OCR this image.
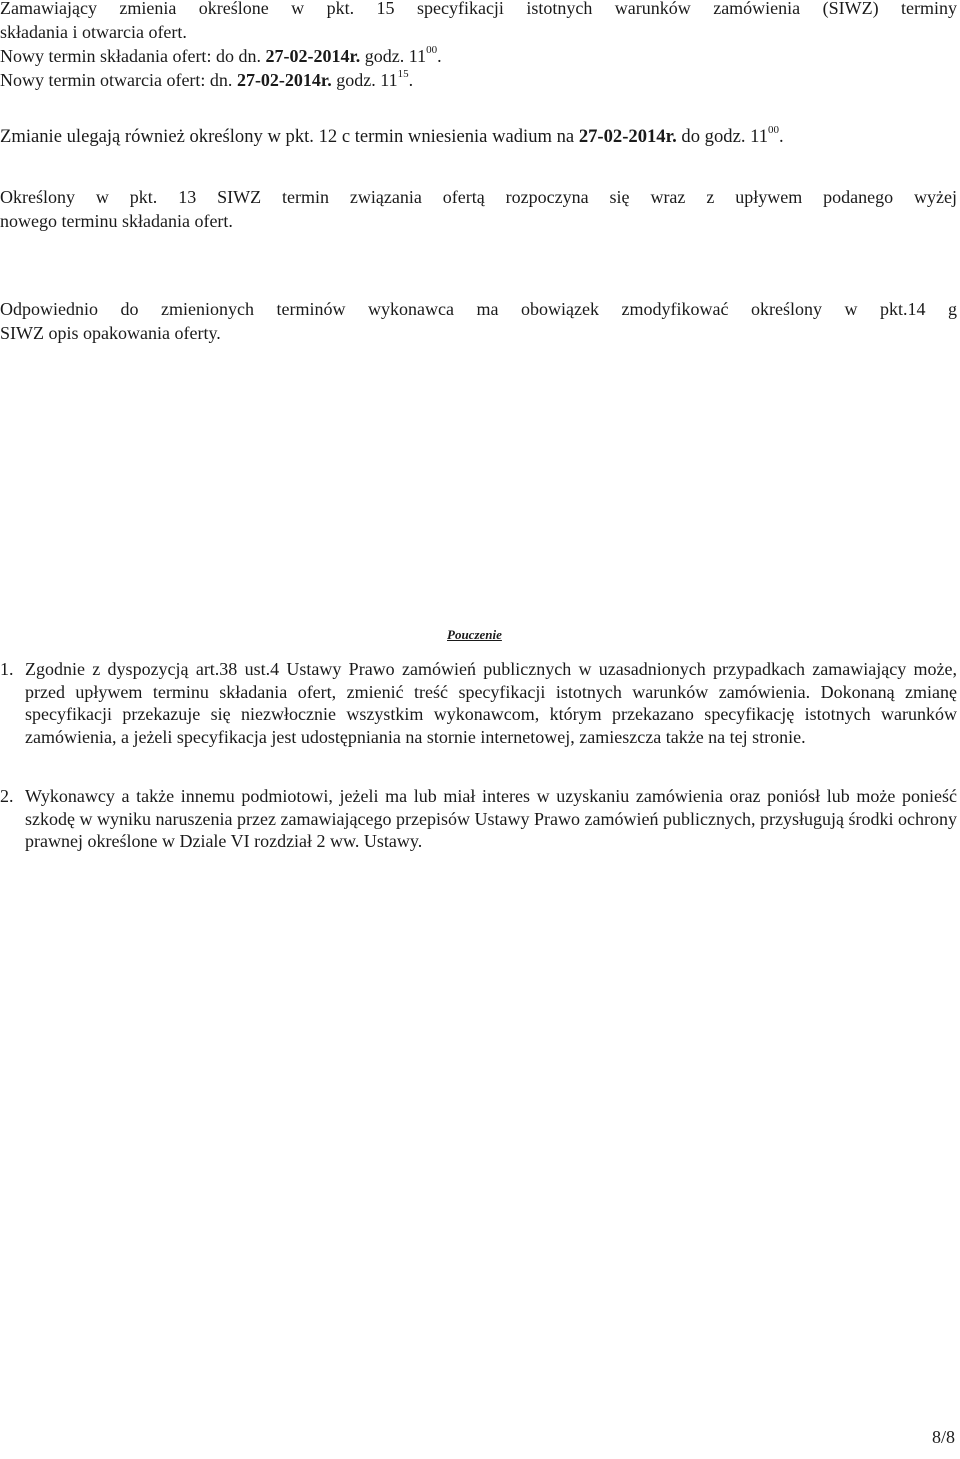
Zamawiający zmienia określone w pkt. 15 specyfikacji istotnych warunków zamówienia (SIWZ) terminy
składania i otwarcia ofert.
Nowy termin składania ofert: do dn. 27-02-2014r. godz. $11^{00}$.
Nowy termin otwarcia ofert: dn. 27-02-2014r. godz. $11^{15}$.
Zmianie ulegają również określony w pkt. 12 c termin wniesienia wadium na 27-02-2014r. do godz. $11^{00}$.
Określony w pkt. 13 SIWZ termin związania ofertą rozpoczyna się wraz z upływem podanego wyżej
nowego terminu składania ofert.
Odpowiednio do zmienionych terminów wykonawca ma obowiązek zmodyfikować określony w pkt.14 g
SIWZ opis opakowania oferty.
Pouczenie
1. Zgodnie z dyspozycją art.38 ust.4 Ustawy Prawo zamówień publicznych w uzasadnionych przypadkach zamawiający może, przed upływem terminu składania ofert, zmienić treść specyfikacji istotnych warunków zamówienia. Dokonaną zmianę specyfikacji przekazuje się niezwłocznie wszystkim wykonawcom, którym przekazano specyfikację istotnych warunków zamówienia, a jeżeli specyfikacja jest udostępniania na stornie internetowej, zamieszcza także na tej stronie.
2. Wykonawcy a także innemu podmiotowi, jeżeli ma lub miał interes w uzyskaniu zamówienia oraz poniósł lub może ponieść szkodę w wyniku naruszenia przez zamawiającego przepisów Ustawy Prawo zamówień publicznych, przysługują środki ochrony prawnej określone w Dziale VI rozdział 2 ww. Ustawy.
8/8
